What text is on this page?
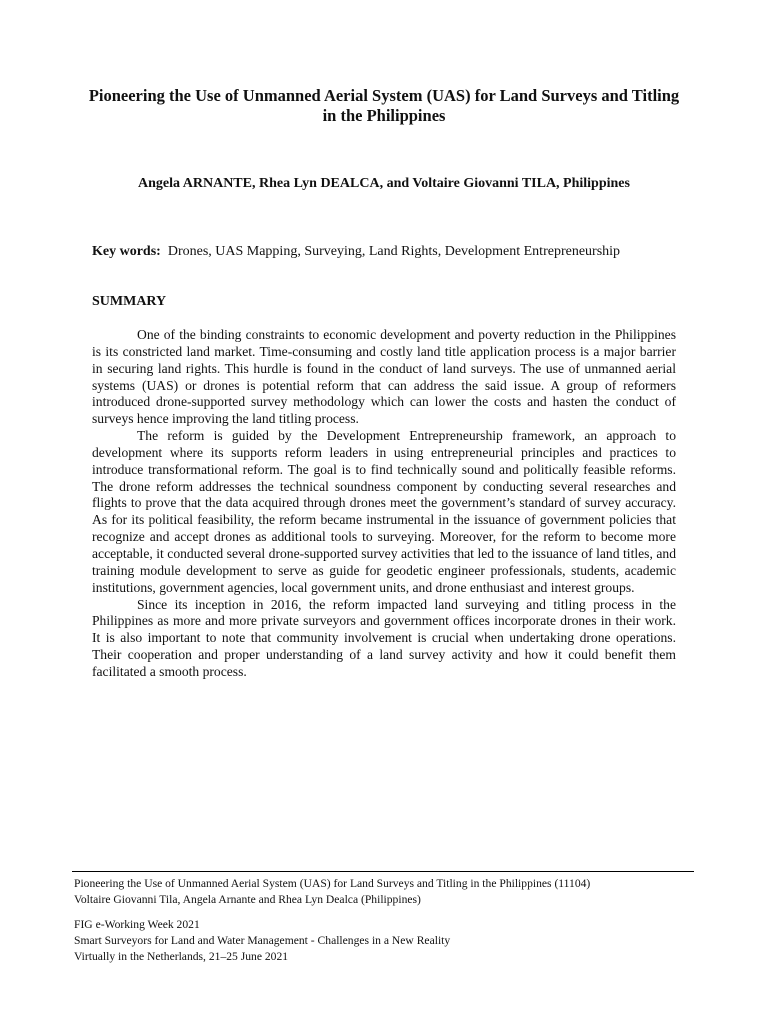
Pioneering the Use of Unmanned Aerial System (UAS) for Land Surveys and Titling in the Philippines

Angela ARNANTE, Rhea Lyn DEALCA, and Voltaire Giovanni TILA, Philippines

Key words: Drones, UAS Mapping, Surveying, Land Rights, Development Entrepreneurship

SUMMARY

One of the binding constraints to economic development and poverty reduction in the Philippines is its constricted land market. Time-consuming and costly land title application process is a major barrier in securing land rights. This hurdle is found in the conduct of land surveys. The use of unmanned aerial systems (UAS) or drones is potential reform that can address the said issue. A group of reformers introduced drone-supported survey methodology which can lower the costs and hasten the conduct of surveys hence improving the land titling process.

The reform is guided by the Development Entrepreneurship framework, an approach to development where its supports reform leaders in using entrepreneurial principles and practices to introduce transformational reform. The goal is to find technically sound and politically feasible reforms. The drone reform addresses the technical soundness component by conducting several researches and flights to prove that the data acquired through drones meet the government’s standard of survey accuracy. As for its political feasibility, the reform became instrumental in the issuance of government policies that recognize and accept drones as additional tools to surveying. Moreover, for the reform to become more acceptable, it conducted several drone-supported survey activities that led to the issuance of land titles, and training module development to serve as guide for geodetic engineer professionals, students, academic institutions, government agencies, local government units, and drone enthusiast and interest groups.

Since its inception in 2016, the reform impacted land surveying and titling process in the Philippines as more and more private surveyors and government offices incorporate drones in their work. It is also important to note that community involvement is crucial when undertaking drone operations. Their cooperation and proper understanding of a land survey activity and how it could benefit them facilitated a smooth process.

Pioneering the Use of Unmanned Aerial System (UAS) for Land Surveys and Titling in the Philippines (11104)
Voltaire Giovanni Tila, Angela Arnante and Rhea Lyn Dealca (Philippines)
FIG e-Working Week 2021
Smart Surveyors for Land and Water Management - Challenges in a New Reality
Virtually in the Netherlands, 21–25 June 2021
